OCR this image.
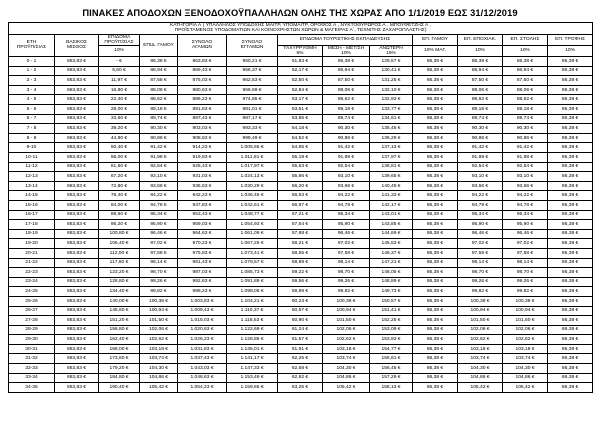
ΠΙΝΑΚΕΣ ΑΠΟΔΟΧΩΝ ΞΕΝΟΔΟΧΟΫΠΑΛΛΗΛΩΝ ΟΛΗΣ ΤΗΣ ΧΩΡΑΣ ΑΠΟ 1/1/2019 ΕΩΣ 31/12/2019
ΚΑΤΗΓΟΡΙΑ Α΄( ΥΠΑΛΛΗΛΟΣ ΥΠΟΔΟΧΗΣ ΜΑΙΤΡ, ΥΠΟΜΑΙΤΡ, ΟΡΟΦΟΣ Α΄, ΝΥΚΤΟΘΥΡΩΡΟΣ Α΄, ΜΠΟΥΦΕΤΖΗΣ Α΄,
ΠΡΟΪΣΤΑΜΕΝΟΣ ΥΠΟΔΟΜΑΤΙΩΝ ΚΑΙ ΚΟΙΝΟΧΡΗΣΤΩΝ ΧΩΡΩΝ & ΜΑΓΕΙΡΑΣ Α΄, ΤΕΧΝΙΤΗΣ ΖΑΧΑΡΟΠΛΑΣΤΗΣ)												
ΕΤΗ
ΠΡΟΫΠ/ΣΙΑΣ	ΒΑΣΙΚΟΣ
ΜΙΣΘΟΣ	ΕΠΙΔΟΜΑ
ΠΡΟΫΠ/ΣΙΑΣ	ΕΠΙΔ. ΓΑΜΟΥ	ΣΥΝΟΛΟ
ΑΓΑΜΩΝ	ΣΥΝΟΛΟ
ΕΓΓΑΜΩΝ	ΕΠΙΔΟΜΑ ΤΟΥΡΙΣΤΙΚΗΣ ΕΚΠΑΙΔΕΥΣΗΣ			ΕΠ. ΓΑΜΟΥ	ΕΠ. ΕΠΟΧΙΑΚ.	ΕΠ. ΣΤΟΛΗΣ	ΕΠ. ΤΡΟΦΗΣ
		10%				ΤΑΧΥΡΡΥΘΜΗ
6%	ΜΕΣΗ - ΜΕΤ/ΣΗ
10%	ΑΝΩΤΕΡΗ
15%	10% ΜΑΓ.	10%	10%	10%
0 - 1	863,83 €	- €	86,38 €	863,83 €	950,21 €	51,83 €	86,38 €	129,57 €	86,38 €	86,38 €	86,38 €	86,38 €
1 - 2	863,83 €	5,60 €	86,94 €	869,43 €	956,37 €	52,17 €	86,94 €	130,41 €	86,38 €	86,94 €	86,94 €	86,38 €
2 - 3	863,83 €	11,97 €	87,58 €	875,03 €	962,53 €	52,50 €	87,50 €	131,25 €	86,38 €	87,50 €	87,50 €	86,38 €
3 - 4	863,83 €	16,80 €	88,06 €	880,63 €	968,69 €	52,84 €	88,06 €	132,10 €	86,38 €	88,06 €	88,06 €	86,38 €
4 - 5	863,83 €	22,40 €	88,62 €	886,23 €	974,85 €	53,17 €	88,62 €	132,93 €	86,38 €	88,62 €	88,62 €	86,38 €
5 - 6	863,83 €	28,00 €	89,18 €	891,83 €	981,01 €	53,51 €	89,18 €	133,77 €	86,38 €	89,18 €	89,18 €	86,38 €
6 - 7	863,83 €	33,60 €	89,74 €	897,43 €	987,17 €	53,85 €	89,74 €	134,61 €	86,38 €	89,74 €	89,74 €	86,38 €
7 - 8	863,83 €	39,20 €	90,30 €	903,03 €	993,33 €	54,18 €	90,30 €	135,45 €	86,38 €	90,30 €	90,30 €	86,38 €
8 - 9	863,83 €	44,80 €	90,86 €	908,63 €	999,49 €	54,52 €	90,86 €	136,29 €	86,38 €	90,86 €	90,86 €	86,38 €
9-10	863,83 €	50,40 €	91,42 €	914,23 €	1.005,65 €	54,85 €	91,42 €	137,13 €	86,38 €	91,42 €	91,42 €	86,38 €
10-11	863,83 €	56,00 €	91,98 €	919,83 €	1.011,81 €	55,19 €	91,98 €	137,97 €	86,38 €	91,98 €	91,98 €	86,38 €
11-12	863,83 €	61,60 €	92,54 €	925,43 €	1.017,97 €	55,53 €	92,54 €	138,81 €	86,38 €	92,54 €	92,54 €	86,38 €
12-13	863,83 €	67,20 €	93,10 €	931,03 €	1.024,13 €	55,86 €	93,10 €	139,65 €	86,38 €	93,10 €	93,10 €	86,38 €
13-14	863,83 €	72,80 €	93,66 €	936,63 €	1.030,29 €	56,20 €	93,66 €	140,49 €	86,38 €	93,66 €	93,66 €	86,38 €
14-15	863,83 €	78,40 €	94,22 €	942,23 €	1.036,45 €	56,53 €	94,22 €	141,33 €	86,38 €	94,22 €	94,22 €	86,38 €
15-16	863,83 €	84,00 €	94,78 €	947,83 €	1.042,61 €	56,87 €	94,78 €	142,17 €	86,38 €	94,78 €	94,78 €	86,38 €
16-17	863,83 €	89,60 €	95,34 €	953,43 €	1.048,77 €	57,21 €	95,34 €	143,01 €	86,38 €	95,34 €	95,34 €	86,38 €
17-18	863,83 €	95,20 €	95,90 €	959,03 €	1.054,93 €	57,54 €	95,90 €	143,85 €	86,38 €	95,90 €	95,90 €	86,38 €
18-19	863,83 €	100,80 €	96,46 €	964,63 €	1.061,09 €	57,88 €	96,46 €	144,69 €	86,38 €	96,46 €	96,46 €	86,38 €
19-20	863,83 €	106,40 €	97,02 €	970,23 €	1.067,25 €	58,21 €	97,02 €	145,53 €	86,38 €	97,02 €	97,02 €	86,38 €
20-21	863,83 €	112,00 €	97,58 €	975,83 €	1.073,41 €	58,55 €	97,58 €	146,37 €	86,38 €	97,58 €	97,58 €	86,38 €
21-22	863,83 €	117,60 €	98,14 €	981,43 €	1.079,57 €	58,89 €	98,14 €	147,21 €	86,38 €	98,14 €	98,14 €	86,38 €
22-23	863,83 €	123,20 €	98,70 €	987,03 €	1.085,73 €	59,22 €	98,70 €	148,05 €	86,38 €	98,70 €	98,70 €	86,38 €
23-24	863,83 €	128,80 €	99,26 €	992,63 €	1.091,89 €	59,56 €	99,26 €	148,89 €	86,38 €	99,26 €	99,26 €	86,38 €
24-25	863,83 €	134,40 €	99,82 €	998,23 €	1.098,05 €	59,89 €	99,82 €	149,73 €	86,38 €	99,82 €	99,82 €	86,38 €
25-26	863,83 €	140,00 €	100,38 €	1.003,83 €	1.104,21 €	60,23 €	100,38 €	150,57 €	86,38 €	100,38 €	100,38 €	86,38 €
26-27	863,83 €	145,60 €	100,94 €	1.009,43 €	1.110,37 €	60,57 €	100,94 €	151,41 €	86,38 €	100,94 €	100,94 €	86,38 €
27-28	863,83 €	151,20 €	101,50 €	1.015,03 €	1.116,53 €	60,90 €	101,50 €	152,25 €	86,38 €	101,50 €	101,50 €	86,38 €
28-29	863,83 €	156,80 €	102,06 €	1.020,63 €	1.122,69 €	61,24 €	102,06 €	153,09 €	86,38 €	102,06 €	102,06 €	86,38 €
29-30	863,83 €	162,40 €	102,62 €	1.026,23 €	1.128,85 €	61,57 €	102,62 €	153,93 €	86,38 €	102,62 €	102,62 €	86,38 €
30-31	863,83 €	168,00 €	103,18 €	1.031,83 €	1.135,01 €	61,91 €	103,18 €	154,77 €	86,38 €	103,18 €	103,18 €	86,38 €
31-32	863,83 €	173,60 €	103,74 €	1.037,43 €	1.141,17 €	62,25 €	103,74 €	155,61 €	86,38 €	103,74 €	103,74 €	86,38 €
32-33	863,83 €	179,20 €	104,30 €	1.043,03 €	1.147,33 €	62,58 €	104,30 €	156,45 €	86,38 €	104,30 €	104,30 €	86,38 €
33-34	863,83 €	184,80 €	104,86 €	1.048,63 €	1.153,49 €	62,92 €	104,86 €	157,29 €	86,38 €	104,86 €	104,86 €	86,38 €
34-35	863,83 €	190,40 €	105,42 €	1.054,23 €	1.159,65 €	63,25 €	105,42 €	158,13 €	86,38 €	105,42 €	105,42 €	86,38 €
